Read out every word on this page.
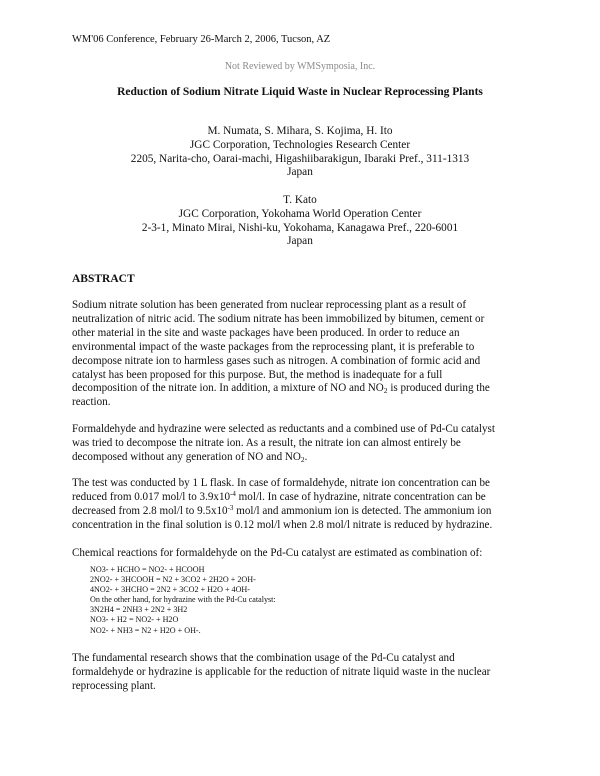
WM'06 Conference, February 26-March 2, 2006, Tucson, AZ
Not Reviewed by WMSymposia, Inc.
Reduction of Sodium Nitrate Liquid Waste in Nuclear Reprocessing Plants
M. Numata, S. Mihara, S. Kojima, H. Ito
JGC Corporation, Technologies Research Center
2205, Narita-cho, Oarai-machi, Higashiibarakigun, Ibaraki Pref., 311-1313
Japan
T. Kato
JGC Corporation, Yokohama World Operation Center
2-3-1, Minato Mirai, Nishi-ku, Yokohama, Kanagawa Pref., 220-6001
Japan
ABSTRACT
Sodium nitrate solution has been generated from nuclear reprocessing plant as a result of
neutralization of nitric acid. The sodium nitrate has been immobilized by bitumen, cement or
other material in the site and waste packages have been produced. In order to reduce an
environmental impact of the waste packages from the reprocessing plant, it is preferable to
decompose nitrate ion to harmless gases such as nitrogen. A combination of formic acid and
catalyst has been proposed for this purpose. But, the method is inadequate for a full
decomposition of the nitrate ion. In addition, a mixture of NO and $NO_2$ is produced during the
reaction.
Formaldehyde and hydrazine were selected as reductants and a combined use of Pd-Cu catalyst
was tried to decompose the nitrate ion. As a result, the nitrate ion can almost entirely be
decomposed without any generation of NO and $NO_2$.
The test was conducted by 1 L flask. In case of formaldehyde, nitrate ion concentration can be
reduced from 0.017 mol/l to $3.9x10^{-4}$ mol/l. In case of hydrazine, nitrate concentration can be
decreased from 2.8 mol/l to $9.5x10^{-3}$ mol/l and ammonium ion is detected. The ammonium ion
concentration in the final solution is 0.12 mol/l when 2.8 mol/l nitrate is reduced by hydrazine.
Chemical reactions for formaldehyde on the Pd-Cu catalyst are estimated as combination of:
NO3- + HCHO = NO2- + HCOOH
2NO2- + 3HCOOH = N2 + 3CO2 + 2H2O + 2OH-
4NO2- + 3HCHO = 2N2 + 3CO2 + H2O + 4OH-
On the other hand, for hydrazine with the Pd-Cu catalyst:
3N2H4 = 2NH3 + 2N2 + 3H2
NO3- + H2 = NO2- + H2O
NO2- + NH3 = N2 + H2O + OH-.
The fundamental research shows that the combination usage of the Pd-Cu catalyst and
formaldehyde or hydrazine is applicable for the reduction of nitrate liquid waste in the nuclear
reprocessing plant.
